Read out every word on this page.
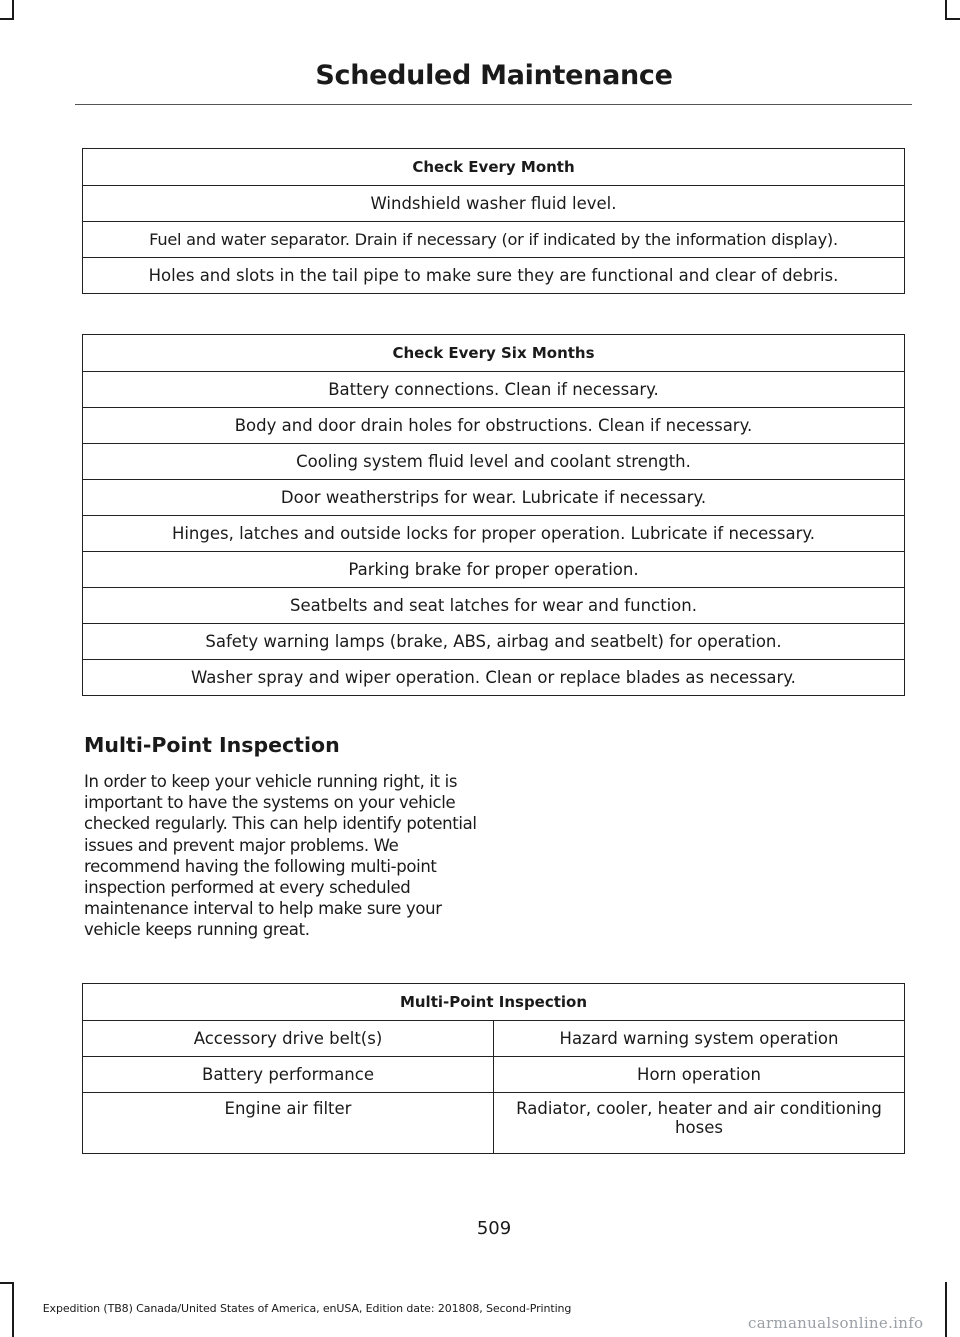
Scheduled Maintenance
Check Every Month
Windshield washer fluid level.
Fuel and water separator. Drain if necessary (or if indicated by the information display).
Holes and slots in the tail pipe to make sure they are functional and clear of debris.
Check Every Six Months
Battery connections. Clean if necessary.
Body and door drain holes for obstructions. Clean if necessary.
Cooling system fluid level and coolant strength.
Door weatherstrips for wear. Lubricate if necessary.
Hinges, latches and outside locks for proper operation. Lubricate if necessary.
Parking brake for proper operation.
Seatbelts and seat latches for wear and function.
Safety warning lamps (brake, ABS, airbag and seatbelt) for operation.
Washer spray and wiper operation. Clean or replace blades as necessary.
Multi-Point Inspection
In order to keep your vehicle running right, it is important to have the systems on your vehicle checked regularly. This can help identify potential issues and prevent major problems. We recommend having the following multi-point inspection performed at every scheduled maintenance interval to help make sure your vehicle keeps running great.
Multi-Point Inspection	
Accessory drive belt(s)	Hazard warning system operation
Battery performance	Horn operation
Engine air filter	Radiator, cooler, heater and air conditioning hoses
509
Expedition (TB8) Canada/United States of America, enUSA, Edition date: 201808, Second-Printing
carmanualsonline.info
